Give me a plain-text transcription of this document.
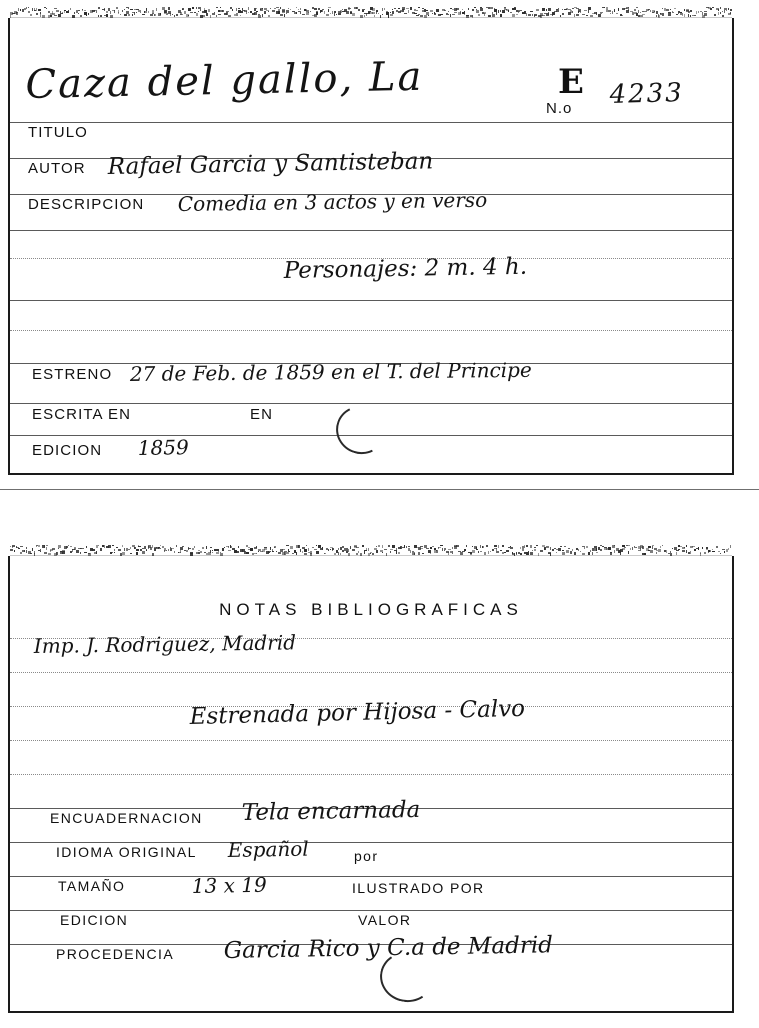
Caza del gallo, La	E
N.o 4233
TITULO
AUTOR Rafael Garcia y Santisteban
DESCRIPCION Comedia en 3 actos y en verso
Personajes: 2 m. 4 h.
ESTRENO 27 de Feb. de 1859 en el T. del Principe
ESCRITA EN	EN
EDICION 1859
NOTAS BIBLIOGRAFICAS
Imp. J. Rodriguez, Madrid
Estrenada por Hijosa - Calvo
ENCUADERNACION Tela encarnada
IDIOMA ORIGINAL Español	por
TAMAÑO	13 x 19	ILUSTRADO POR
EDICION	VALOR
PROCEDENCIA Garcia Rico y C.a de Madrid
